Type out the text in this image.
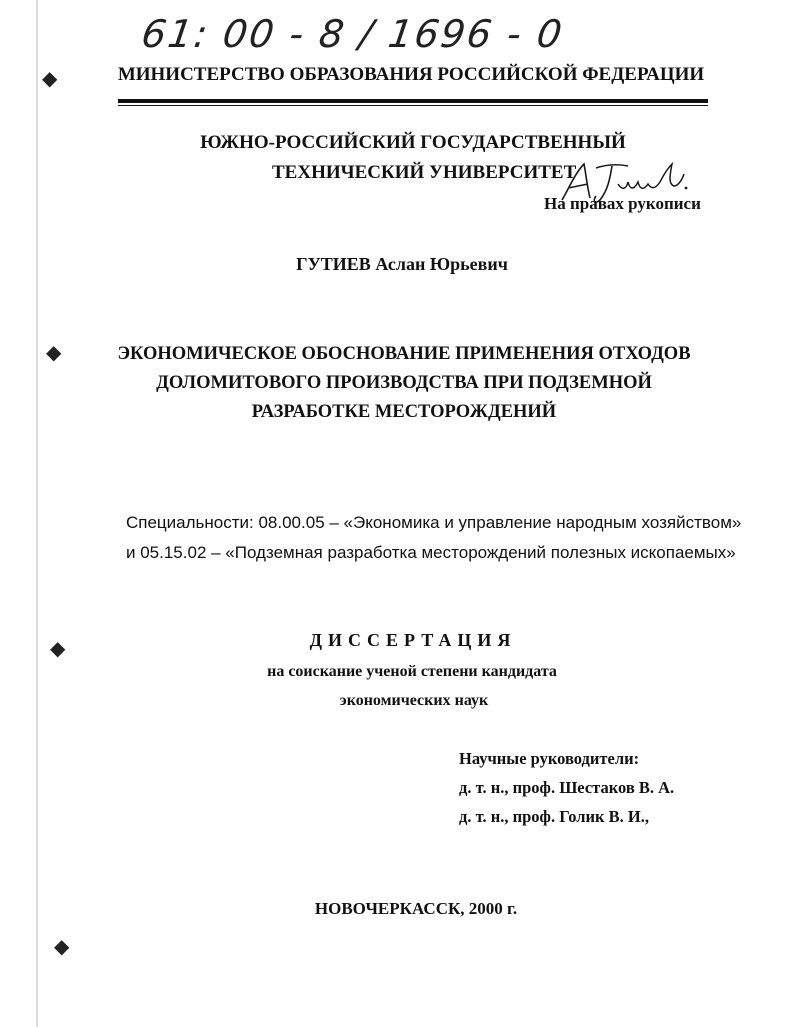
61: 00 - 8 / 1696 - 0
МИНИСТЕРСТВО ОБРАЗОВАНИЯ РОССИЙСКОЙ ФЕДЕРАЦИИ
ЮЖНО-РОССИЙСКИЙ ГОСУДАРСТВЕННЫЙ
ТЕХНИЧЕСКИЙ УНИВЕРСИТЕТ
На правах рукописи
ГУТИЕВ Аслан Юрьевич
ЭКОНОМИЧЕСКОЕ ОБОСНОВАНИЕ ПРИМЕНЕНИЯ ОТХОДОВ
ДОЛОМИТОВОГО ПРОИЗВОДСТВА ПРИ ПОДЗЕМНОЙ
РАЗРАБОТКЕ МЕСТОРОЖДЕНИЙ
Специальности: 08.00.05 – «Экономика и управление народным хозяйством»
и 05.15.02 – «Подземная разработка месторождений полезных ископаемых»
ДИССЕРТАЦИЯ
на соискание ученой степени кандидата
экономических наук
Научные руководители:
д. т. н., проф. Шестаков В. А.
д. т. н., проф. Голик В. И.,
НОВОЧЕРКАССК, 2000 г.
◆
◆
◆
◆
